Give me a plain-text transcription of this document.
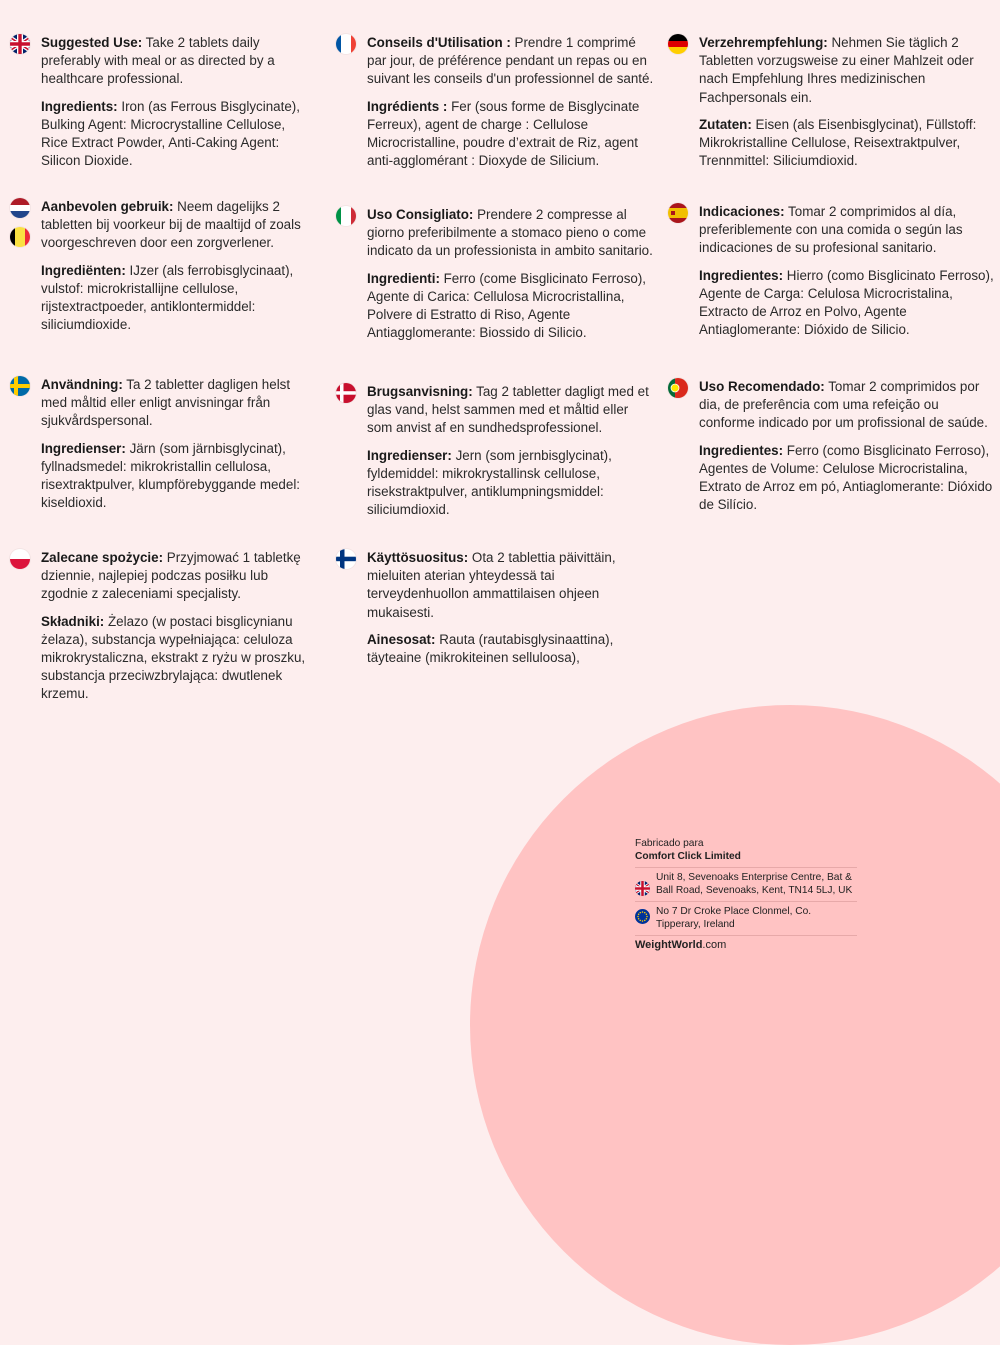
Suggested Use: Take 2 tablets daily preferably with meal or as directed by a healthcare professional.

Ingredients: Iron (as Ferrous Bisglycinate), Bulking Agent: Microcrystalline Cellulose, Rice Extract Powder, Anti-Caking Agent: Silicon Dioxide.

Aanbevolen gebruik: Neem dagelijks 2 tabletten bij voorkeur bij de maaltijd of zoals voorgeschreven door een zorgverlener.

Ingrediënten: IJzer (als ferrobisglycinaat), vulstof: microkristallijne cellulose, rijstextractpoeder, antiklontermiddel: siliciumdioxide.

Användning: Ta 2 tabletter dagligen helst med måltid eller enligt anvisningar från sjukvårdspersonal.

Ingredienser: Järn (som järnbisglycinat), fyllnadsmedel: mikrokristallin cellulosa, risextraktpulver, klumpförebyggande medel: kiseldioxid.

Zalecane spożycie: Przyjmować 1 tabletkę dziennie, najlepiej podczas posiłku lub zgodnie z zaleceniami specjalisty.

Składniki: Żelazo (w postaci bisglicynianu żelaza), substancja wypełniająca: celuloza mikrokrystaliczna, ekstrakt z ryżu w proszku, substancja przeciwzbrylająca: dwutlenek krzemu.

Conseils d'Utilisation : Prendre 1 comprimé par jour, de préférence pendant un repas ou en suivant les conseils d'un professionnel de santé.

Ingrédients : Fer (sous forme de Bisglycinate Ferreux), agent de charge : Cellulose Microcristalline, poudre d’extrait de Riz, agent anti-agglomérant : Dioxyde de Silicium.

Uso Consigliato: Prendere 2 compresse al giorno preferibilmente a stomaco pieno o come indicato da un professionista in ambito sanitario.

Ingredienti: Ferro (come Bisglicinato Ferroso), Agente di Carica: Cellulosa Microcristallina, Polvere di Estratto di Riso, Agente Antiagglomerante: Biossido di Silicio.

Brugsanvisning: Tag 2 tabletter dagligt med et glas vand, helst sammen med et måltid eller som anvist af en sundhedsprofessionel.

Ingredienser: Jern (som jernbisglycinat), fyldemiddel: mikrokrystallinsk cellulose, risekstraktpulver, antiklumpningsmiddel: siliciumdioxid.

Käyttösuositus: Ota 2 tablettia päivittäin, mieluiten aterian yhteydessä tai terveydenhuollon ammattilaisen ohjeen mukaisesti.

Ainesosat: Rauta (rautabisglysinaattina), täyteaine (mikrokiteinen selluloosa),

Verzehrempfehlung: Nehmen Sie täglich 2 Tabletten vorzugsweise zu einer Mahlzeit oder nach Empfehlung Ihres medizinischen Fachpersonals ein.

Zutaten: Eisen (als Eisenbisglycinat), Füllstoff: Mikrokristalline Cellulose, Reisextraktpulver, Trennmittel: Siliciumdioxid.

Indicaciones: Tomar 2 comprimidos al día, preferiblemente con una comida o según las indicaciones de su profesional sanitario.

Ingredientes: Hierro (como Bisglicinato Ferroso), Agente de Carga: Celulosa Microcristalina, Extracto de Arroz en Polvo, Agente Antiaglomerante: Dióxido de Silicio.

Uso Recomendado: Tomar 2 comprimidos por dia, de preferência com uma refeição ou conforme indicado por um profissional de saúde.

Ingredientes: Ferro (como Bisglicinato Ferroso), Agentes de Volume: Celulose Microcristalina, Extrato de Arroz em pó, Antiaglomerante: Dióxido de Silício.

Fabricado para

Comfort Click Limited

Unit 8, Sevenoaks Enterprise Centre, Bat & Ball Road, Sevenoaks, Kent, TN14 5LJ, UK
No 7 Dr Croke Place Clonmel, Co. Tipperary, Ireland
WeightWorld.com
